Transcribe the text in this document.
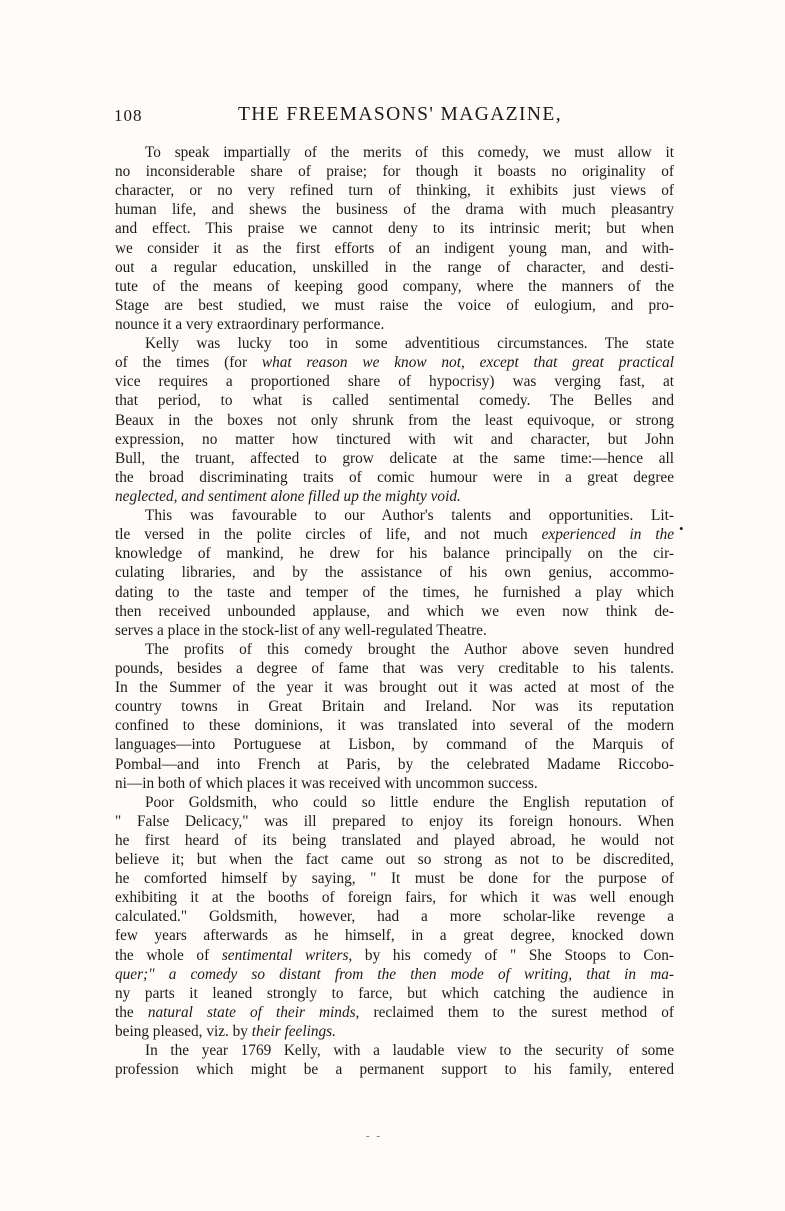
108	THE FREEMASONS' MAGAZINE,
To speak impartially of the merits of this comedy, we must allow it
no inconsiderable share of praise; for though it boasts no originality of
character, or no very refined turn of thinking, it exhibits just views of
human life, and shews the business of the drama with much pleasantry
and effect. This praise we cannot deny to its intrinsic merit; but when
we consider it as the first efforts of an indigent young man, and with-
out a regular education, unskilled in the range of character, and desti-
tute of the means of keeping good company, where the manners of the
Stage are best studied, we must raise the voice of eulogium, and pro-
nounce it a very extraordinary performance.
Kelly was lucky too in some adventitious circumstances. The state
of the times (for what reason we know not, except that great practical
vice requires a proportioned share of hypocrisy) was verging fast, at
that period, to what is called sentimental comedy. The Belles and
Beaux in the boxes not only shrunk from the least equivoque, or strong
expression, no matter how tinctured with wit and character, but John
Bull, the truant, affected to grow delicate at the same time:—hence all
the broad discriminating traits of comic humour were in a great degree
neglected, and sentiment alone filled up the mighty void.
This was favourable to our Author's talents and opportunities. Lit-
tle versed in the polite circles of life, and not much experienced in the
knowledge of mankind, he drew for his balance principally on the cir-
culating libraries, and by the assistance of his own genius, accommo-
dating to the taste and temper of the times, he furnished a play which
then received unbounded applause, and which we even now think de-
serves a place in the stock-list of any well-regulated Theatre.
The profits of this comedy brought the Author above seven hundred
pounds, besides a degree of fame that was very creditable to his talents.
In the Summer of the year it was brought out it was acted at most of the
country towns in Great Britain and Ireland. Nor was its reputation
confined to these dominions, it was translated into several of the modern
languages—into Portuguese at Lisbon, by command of the Marquis of
Pombal—and into French at Paris, by the celebrated Madame Riccobo-
ni—in both of which places it was received with uncommon success.
Poor Goldsmith, who could so little endure the English reputation of
" False Delicacy," was ill prepared to enjoy its foreign honours. When
he first heard of its being translated and played abroad, he would not
believe it; but when the fact came out so strong as not to be discredited,
he comforted himself by saying, " It must be done for the purpose of
exhibiting it at the booths of foreign fairs, for which it was well enough
calculated." Goldsmith, however, had a more scholar-like revenge a
few years afterwards as he himself, in a great degree, knocked down
the whole of sentimental writers, by his comedy of " She Stoops to Con-
quer;" a comedy so distant from the then mode of writing, that in ma-
ny parts it leaned strongly to farce, but which catching the audience in
the natural state of their minds, reclaimed them to the surest method of
being pleased, viz. by their feelings.
In the year 1769 Kelly, with a laudable view to the security of some
profession which might be a permanent support to his family, entered
•
- -
